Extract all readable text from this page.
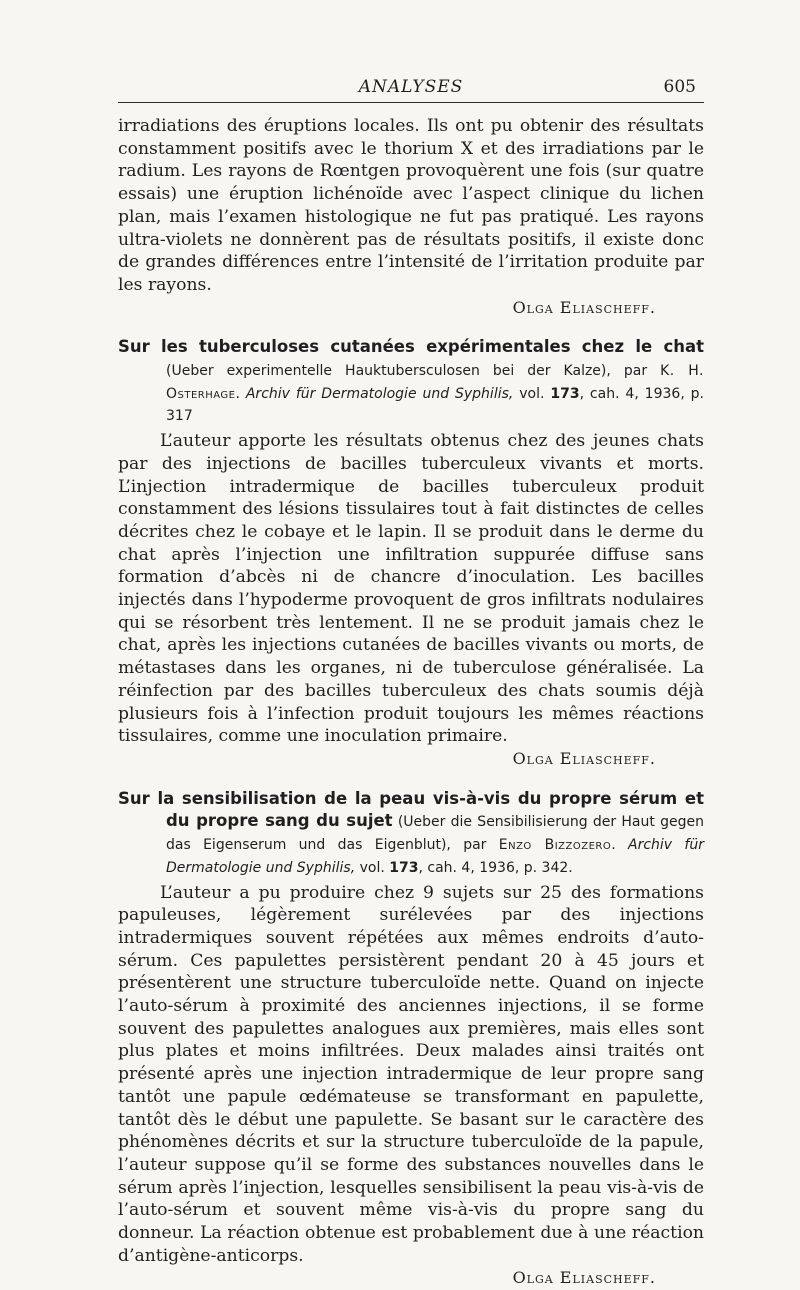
ANALYSES	605

irradiations des éruptions locales. Ils ont pu obtenir des résultats constamment positifs avec le thorium X et des irradiations par le radium. Les rayons de Rœntgen provoquèrent une fois (sur quatre essais) une éruption lichénoïde avec l’aspect clinique du lichen plan, mais l’examen histologique ne fut pas pratiqué. Les rayons ultra-violets ne donnèrent pas de résultats positifs, il existe donc de grandes différences entre l’intensité de l’irritation produite par les rayons.

Olga Eliascheff.

Sur les tuberculoses cutanées expérimentales chez le chat (Ueber experimentelle Hauktubersculosen bei der Kalze), par K. H. Osterhage. Archiv für Dermatologie und Syphilis, vol. 173, cah. 4, 1936, p. 317

L’auteur apporte les résultats obtenus chez des jeunes chats par des injections de bacilles tuberculeux vivants et morts. L’injection intradermique de bacilles tuberculeux produit constamment des lésions tissulaires tout à fait distinctes de celles décrites chez le cobaye et le lapin. Il se produit dans le derme du chat après l’injection une infiltration suppurée diffuse sans formation d’abcès ni de chancre d’inoculation. Les bacilles injectés dans l’hypoderme provoquent de gros infiltrats nodulaires qui se résorbent très lentement. Il ne se produit jamais chez le chat, après les injections cutanées de bacilles vivants ou morts, de métastases dans les organes, ni de tuberculose généralisée. La réinfection par des bacilles tuberculeux des chats soumis déjà plusieurs fois à l’infection produit toujours les mêmes réactions tissulaires, comme une inoculation primaire.

Olga Eliascheff.

Sur la sensibilisation de la peau vis-à-vis du propre sérum et du propre sang du sujet (Ueber die Sensibilisierung der Haut gegen das Eigenserum und das Eigenblut), par Enzo Bizzozero. Archiv für Dermatologie und Syphilis, vol. 173, cah. 4, 1936, p. 342.

L’auteur a pu produire chez 9 sujets sur 25 des formations papuleuses, légèrement surélevées par des injections intradermiques souvent répétées aux mêmes endroits d’auto-sérum. Ces papulettes persistèrent pendant 20 à 45 jours et présentèrent une structure tuberculoïde nette. Quand on injecte l’auto-sérum à proximité des anciennes injections, il se forme souvent des papulettes analogues aux premières, mais elles sont plus plates et moins infiltrées. Deux malades ainsi traités ont présenté après une injection intradermique de leur propre sang tantôt une papule œdémateuse se transformant en papulette, tantôt dès le début une papulette. Se basant sur le caractère des phénomènes décrits et sur la structure tuberculoïde de la papule, l’auteur suppose qu’il se forme des substances nouvelles dans le sérum après l’injection, lesquelles sensibilisent la peau vis-à-vis de l’auto-sérum et souvent même vis-à-vis du propre sang du donneur. La réaction obtenue est probablement due à une réaction d’antigène-anticorps.

Olga Eliascheff.
